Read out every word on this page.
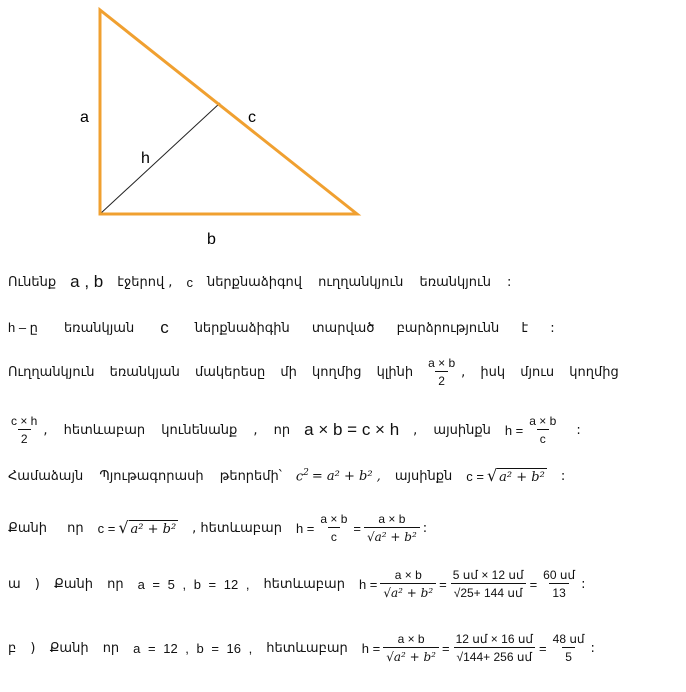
a	c
h
b
Ունենք a , b էջերով , c ներքնաձիգով ուղղանկյուն եռանկյուն :
h – ը եռանկյան c ներքնաձիգին տարված բարձրությունն է :
Ուղղանկյուն եռանկյան մակերեսը մի կողմից կլինի $\frac{a \times b}{2}$ , իսկ մյուս կողմից
$\frac{c \times h}{2}$ , հետևաբար կունենանք , որ a × b = c × h , այսինքն $h = \frac{a \times b}{c}$ :
Համաձայն Պյութագորասի թեորեմի՝ $c^2 = a^2 + b^2$ , այսինքն c = √ a² + b² :
Քանի որ c = √ a² + b² , հետևաբար $h = \frac{a \times b}{c} = \frac{a \times b}{\text{√a² + b²}}$ :
ա ) Քանի որ a = 5 , b = 12 , հետևաբար $h = \frac{a \times b}{\text{√a² + b²}} = \frac{\text{5 սմ × 12 սմ}}{\text{√25+ 144 սմ}} = \frac{\text{60 սմ}}{13}$ :
բ ) Քանի որ a = 12 , b = 16 , հետևաբար $h = \frac{a \times b}{\text{√a² + b²}} = \frac{\text{12 սմ × 16 սմ}}{\text{√144+ 256 սմ}} = \frac{\text{48 սմ}}{5}$ :
